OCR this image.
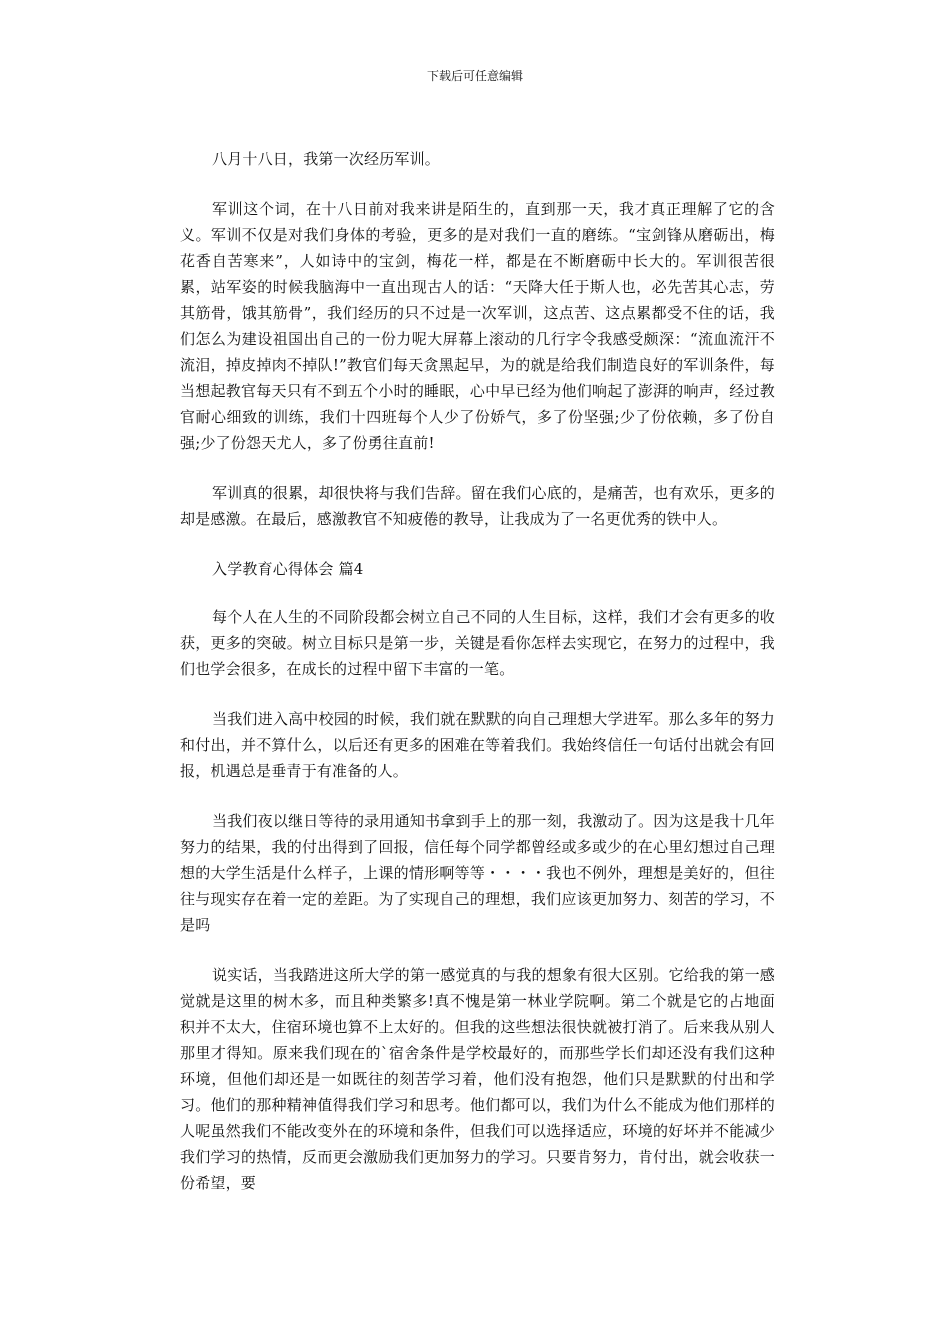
下载后可任意编辑

八月十八日，我第一次经历军训。

军训这个词，在十八日前对我来讲是陌生的，直到那一天，我才真正理解了它的含义。军训不仅是对我们身体的考验，更多的是对我们一直的磨练。“宝剑锋从磨砺出，梅花香自苦寒来”，人如诗中的宝剑，梅花一样，都是在不断磨砺中长大的。军训很苦很累，站军姿的时候我脑海中一直出现古人的话：“天降大任于斯人也，必先苦其心志，劳其筋骨，饿其筋骨”，我们经历的只不过是一次军训，这点苦、这点累都受不住的话，我们怎么为建设祖国出自己的一份力呢大屏幕上滚动的几行字令我感受颇深：“流血流汗不流泪，掉皮掉肉不掉队!”教官们每天贪黑起早，为的就是给我们制造良好的军训条件，每当想起教官每天只有不到五个小时的睡眠，心中早已经为他们响起了澎湃的响声，经过教官耐心细致的训练，我们十四班每个人少了份娇气，多了份坚强;少了份依赖，多了份自强;少了份怨天尤人，多了份勇往直前!

军训真的很累，却很快将与我们告辞。留在我们心底的，是痛苦，也有欢乐，更多的却是感激。在最后，感激教官不知疲倦的教导，让我成为了一名更优秀的铁中人。

入学教育心得体会 篇4

每个人在人生的不同阶段都会树立自己不同的人生目标，这样，我们才会有更多的收获，更多的突破。树立目标只是第一步，关键是看你怎样去实现它，在努力的过程中，我们也学会很多，在成长的过程中留下丰富的一笔。

当我们进入高中校园的时候，我们就在默默的向自己理想大学进军。那么多年的努力和付出，并不算什么，以后还有更多的困难在等着我们。我始终信任一句话付出就会有回报，机遇总是垂青于有准备的人。

当我们夜以继日等待的录用通知书拿到手上的那一刻，我激动了。因为这是我十几年努力的结果，我的付出得到了回报，信任每个同学都曾经或多或少的在心里幻想过自己理想的大学生活是什么样子，上课的情形啊等等・・・・我也不例外，理想是美好的，但往往与现实存在着一定的差距。为了实现自己的理想，我们应该更加努力、刻苦的学习，不是吗

说实话，当我踏进这所大学的第一感觉真的与我的想象有很大区别。它给我的第一感觉就是这里的树木多，而且种类繁多!真不愧是第一林业学院啊。第二个就是它的占地面积并不太大，住宿环境也算不上太好的。但我的这些想法很快就被打消了。后来我从别人那里才得知。原来我们现在的`宿舍条件是学校最好的，而那些学长们却还没有我们这种环境，但他们却还是一如既往的刻苦学习着，他们没有抱怨，他们只是默默的付出和学习。他们的那种精神值得我们学习和思考。他们都可以，我们为什么不能成为他们那样的人呢虽然我们不能改变外在的环境和条件，但我们可以选择适应，环境的好坏并不能减少我们学习的热情，反而更会激励我们更加努力的学习。只要肯努力，肯付出，就会收获一份希望，要
